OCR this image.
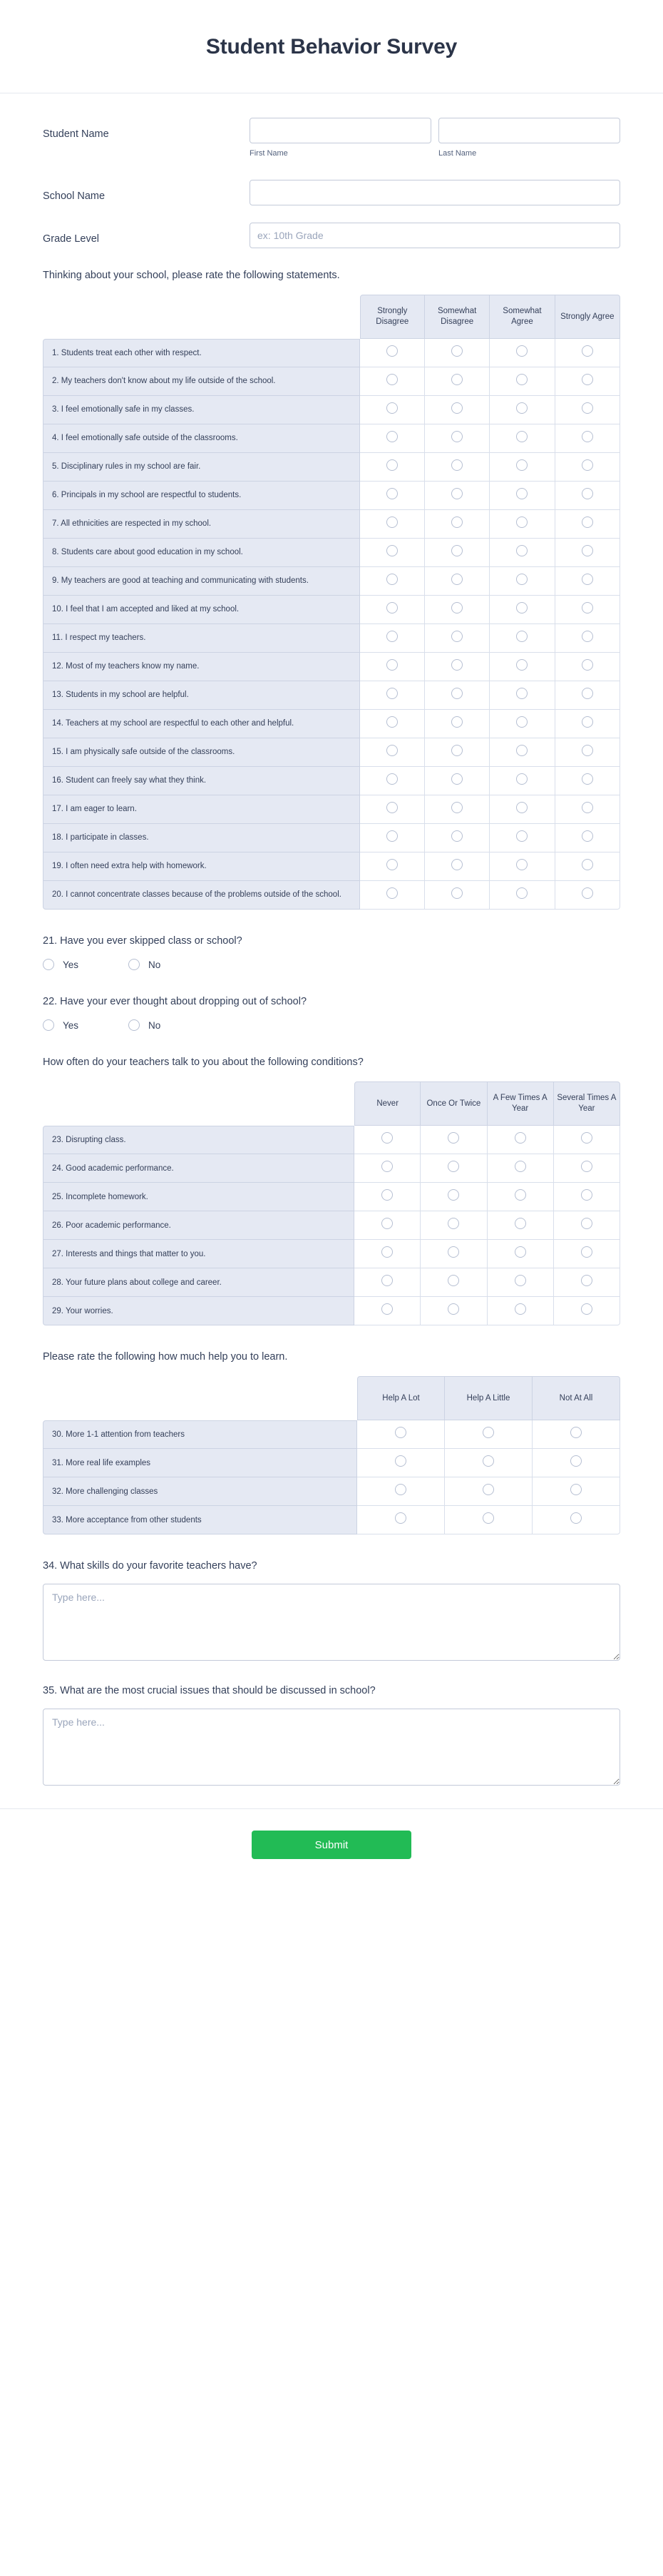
Student Behavior Survey
Student Name
First Name	Last Name
School Name
Grade Level
ex: 10th Grade
Thinking about your school, please rate the following statements.
	Strongly Disagree	Somewhat Disagree	Somewhat Agree	Strongly Agree
1. Students treat each other with respect.				
2. My teachers don't know about my life outside of the school.				
3. I feel emotionally safe in my classes.				
4. I feel emotionally safe outside of the classrooms.				
5. Disciplinary rules in my school are fair.				
6. Principals in my school are respectful to students.				
7. All ethnicities are respected in my school.				
8. Students care about good education in my school.				
9. My teachers are good at teaching and communicating with students.				
10. I feel that I am accepted and liked at my school.				
11. I respect my teachers.				
12. Most of my teachers know my name.				
13. Students in my school are helpful.				
14. Teachers at my school are respectful to each other and helpful.				
15. I am physically safe outside of the classrooms.				
16. Student can freely say what they think.				
17. I am eager to learn.				
18. I participate in classes.				
19. I often need extra help with homework.				
20. I cannot concentrate classes because of the problems outside of the school.				
21. Have you ever skipped class or school?
Yes	No
22. Have your ever thought about dropping out of school?
Yes	No
How often do your teachers talk to you about the following conditions?
	Never	Once Or Twice	A Few Times A Year	Several Times A Year
23. Disrupting class.				
24. Good academic performance.				
25. Incomplete homework.				
26. Poor academic performance.				
27. Interests and things that matter to you.				
28. Your future plans about college and career.				
29. Your worries.				
Please rate the following how much help you to learn.
	Help A Lot	Help A Little	Not At All
30. More 1-1 attention from teachers			
31. More real life examples			
32. More challenging classes			
33. More acceptance from other students			
34. What skills do your favorite teachers have?
Type here...
35. What are the most crucial issues that should be discussed in school?
Type here...
Submit
